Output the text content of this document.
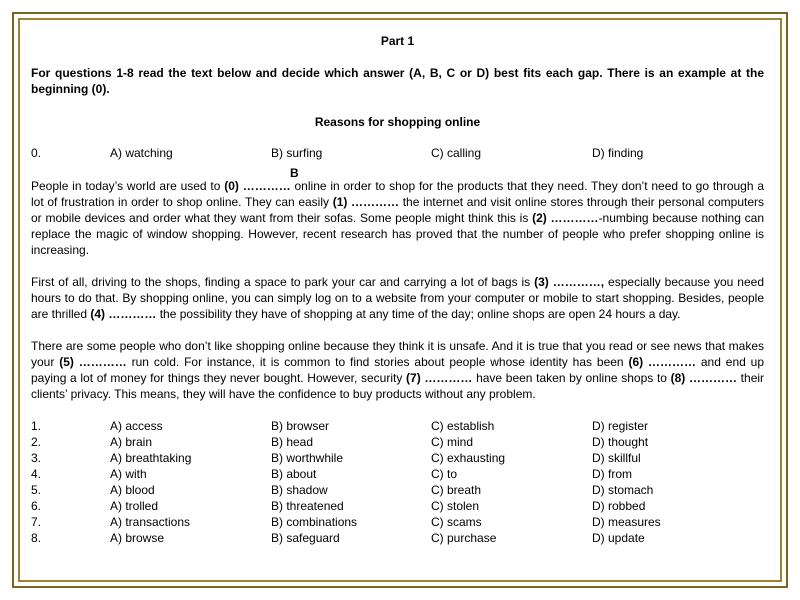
Part 1
For questions 1-8 read the text below and decide which answer (A, B, C or D) best fits each gap. There is an example at the beginning (0).
Reasons for shopping online
0.	A) watching	B) surfing	C) calling	D) finding
B
People in today’s world are used to (0) ………… online in order to shop for the products that they need. They don’t need to go through a lot of frustration in order to shop online. They can easily (1) ………… the internet and visit online stores through their personal computers or mobile devices and order what they want from their sofas. Some people might think this is (2) …………-numbing because nothing can replace the magic of window shopping. However, recent research has proved that the number of people who prefer shopping online is increasing.
First of all, driving to the shops, finding a space to park your car and carrying a lot of bags is (3) …………, especially because you need hours to do that. By shopping online, you can simply log on to a website from your computer or mobile to start shopping. Besides, people are thrilled (4) ………… the possibility they have of shopping at any time of the day; online shops are open 24 hours a day.
There are some people who don’t like shopping online because they think it is unsafe. And it is true that you read or see news that makes your (5) ………… run cold. For instance, it is common to find stories about people whose identity has been (6) ………… and end up paying a lot of money for things they never bought. However, security (7) ………… have been taken by online shops to (8) ………… their clients’ privacy. This means, they will have the confidence to buy products without any problem.
1.	A) access	B) browser	C) establish	D) register
2.	A) brain	B) head	C) mind	D) thought
3.	A) breathtaking	B) worthwhile	C) exhausting	D) skillful
4.	A) with	B) about	C) to	D) from
5.	A) blood	B) shadow	C) breath	D) stomach
6.	A) trolled	B) threatened	C) stolen	D) robbed
7.	A) transactions	B) combinations	C) scams	D) measures
8.	A) browse	B) safeguard	C) purchase	D) update
